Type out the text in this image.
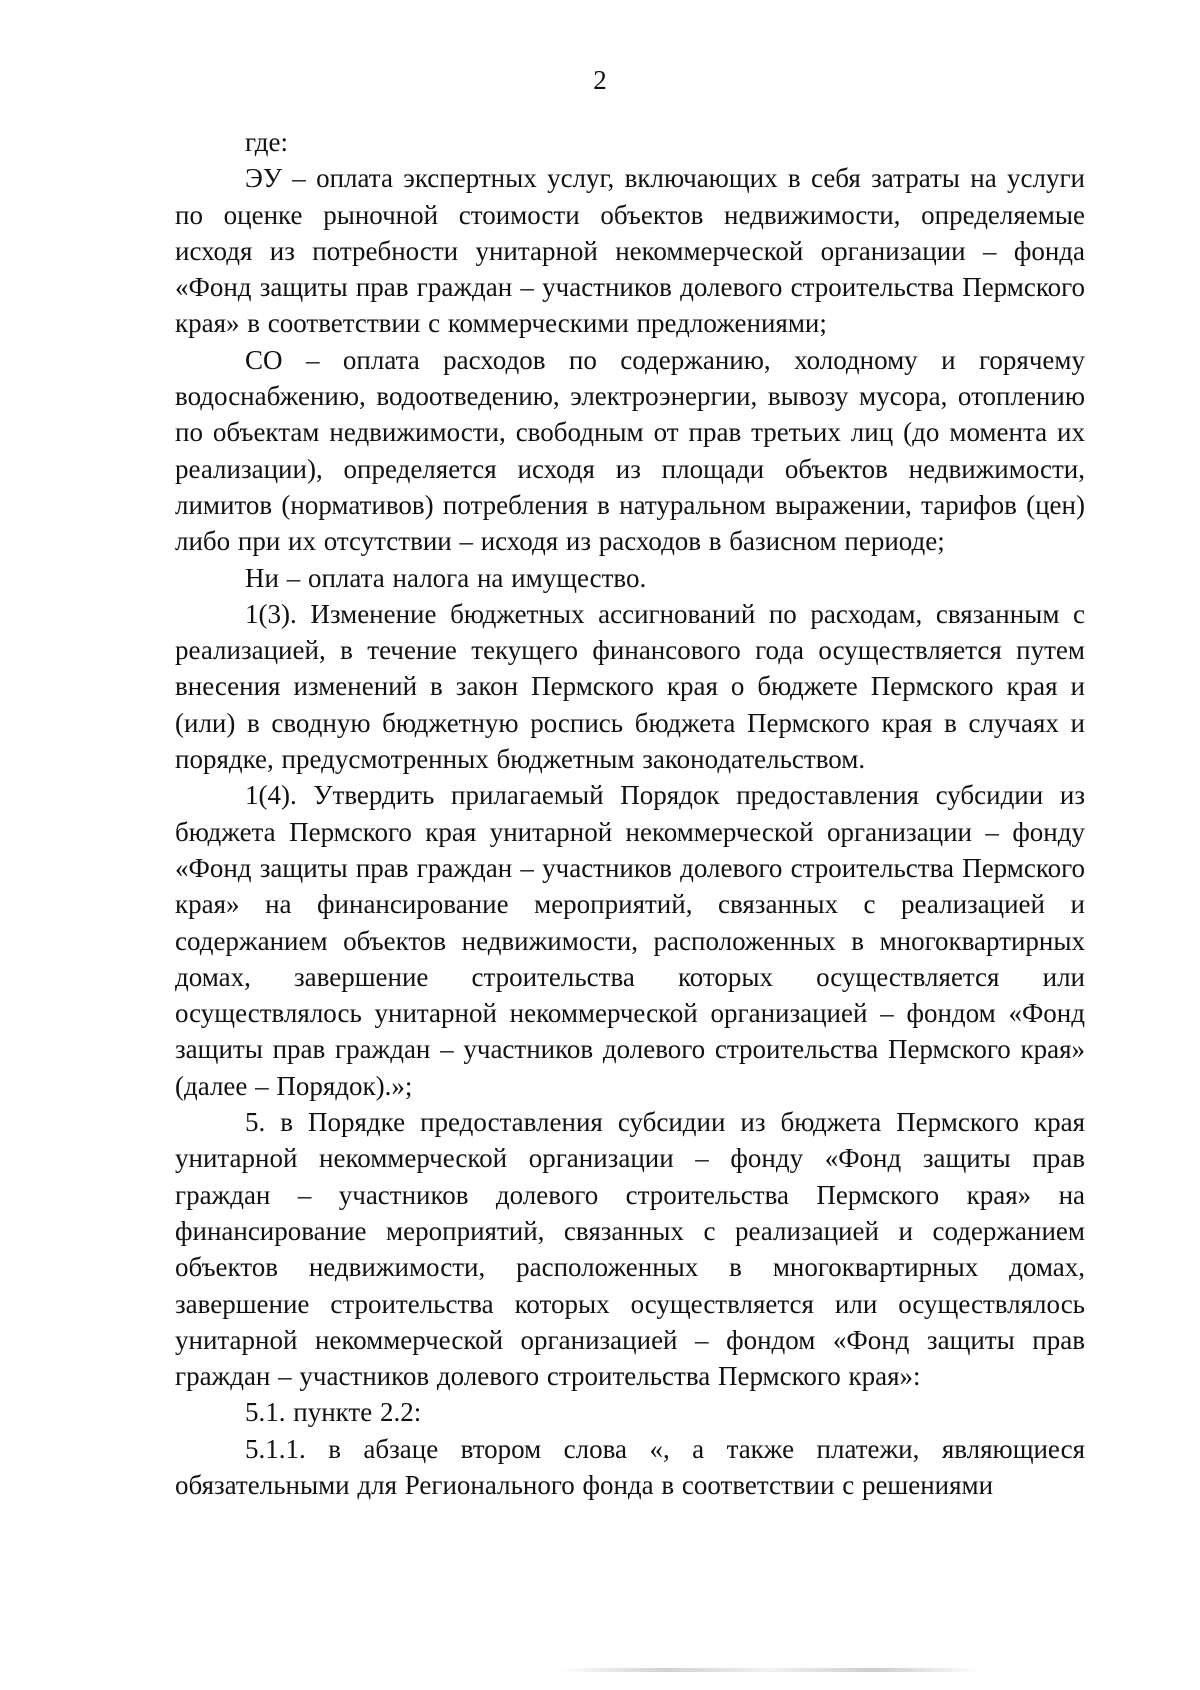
2

где:

ЭУ – оплата экспертных услуг, включающих в себя затраты на услуги по оценке рыночной стоимости объектов недвижимости, определяемые исходя из потребности унитарной некоммерческой организации – фонда «Фонд защиты прав граждан – участников долевого строительства Пермского края» в соответствии с коммерческими предложениями;

СО – оплата расходов по содержанию, холодному и горячему водоснабжению, водоотведению, электроэнергии, вывозу мусора, отоплению по объектам недвижимости, свободным от прав третьих лиц (до момента их реализации), определяется исходя из площади объектов недвижимости, лимитов (нормативов) потребления в натуральном выражении, тарифов (цен) либо при их отсутствии – исходя из расходов в базисном периоде;

Ни – оплата налога на имущество.

1(3). Изменение бюджетных ассигнований по расходам, связанным с реализацией, в течение текущего финансового года осуществляется путем внесения изменений в закон Пермского края о бюджете Пермского края и (или) в сводную бюджетную роспись бюджета Пермского края в случаях и порядке, предусмотренных бюджетным законодательством.

1(4). Утвердить прилагаемый Порядок предоставления субсидии из бюджета Пермского края унитарной некоммерческой организации – фонду «Фонд защиты прав граждан – участников долевого строительства Пермского края» на финансирование мероприятий, связанных с реализацией и содержанием объектов недвижимости, расположенных в многоквартирных домах, завершение строительства которых осуществляется или осуществлялось унитарной некоммерческой организацией – фондом «Фонд защиты прав граждан – участников долевого строительства Пермского края» (далее – Порядок).»;

5. в Порядке предоставления субсидии из бюджета Пермского края унитарной некоммерческой организации – фонду «Фонд защиты прав граждан – участников долевого строительства Пермского края» на финансирование мероприятий, связанных с реализацией и содержанием объектов недвижимости, расположенных в многоквартирных домах, завершение строительства которых осуществляется или осуществлялось унитарной некоммерческой организацией – фондом «Фонд защиты прав граждан – участников долевого строительства Пермского края»:

5.1. пункте 2.2:

5.1.1. в абзаце втором слова «, а также платежи, являющиеся обязательными для Регионального фонда в соответствии с решениями
